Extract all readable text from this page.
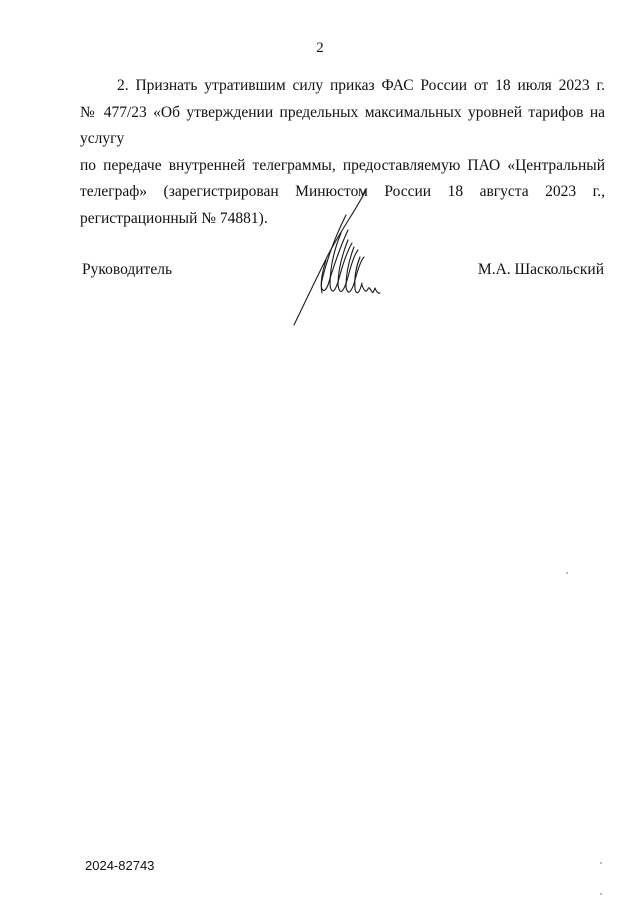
2
2. Признать утратившим силу приказ ФАС России от 18 июля 2023 г.
№ 477/23 «Об утверждении предельных максимальных уровней тарифов на услугу
по передаче внутренней телеграммы, предоставляемую ПАО «Центральный
телеграф» (зарегистрирован Минюстом России 18 августа 2023 г.,
регистрационный № 74881).
Руководитель	М.А. Шаскольский
2024-82743
